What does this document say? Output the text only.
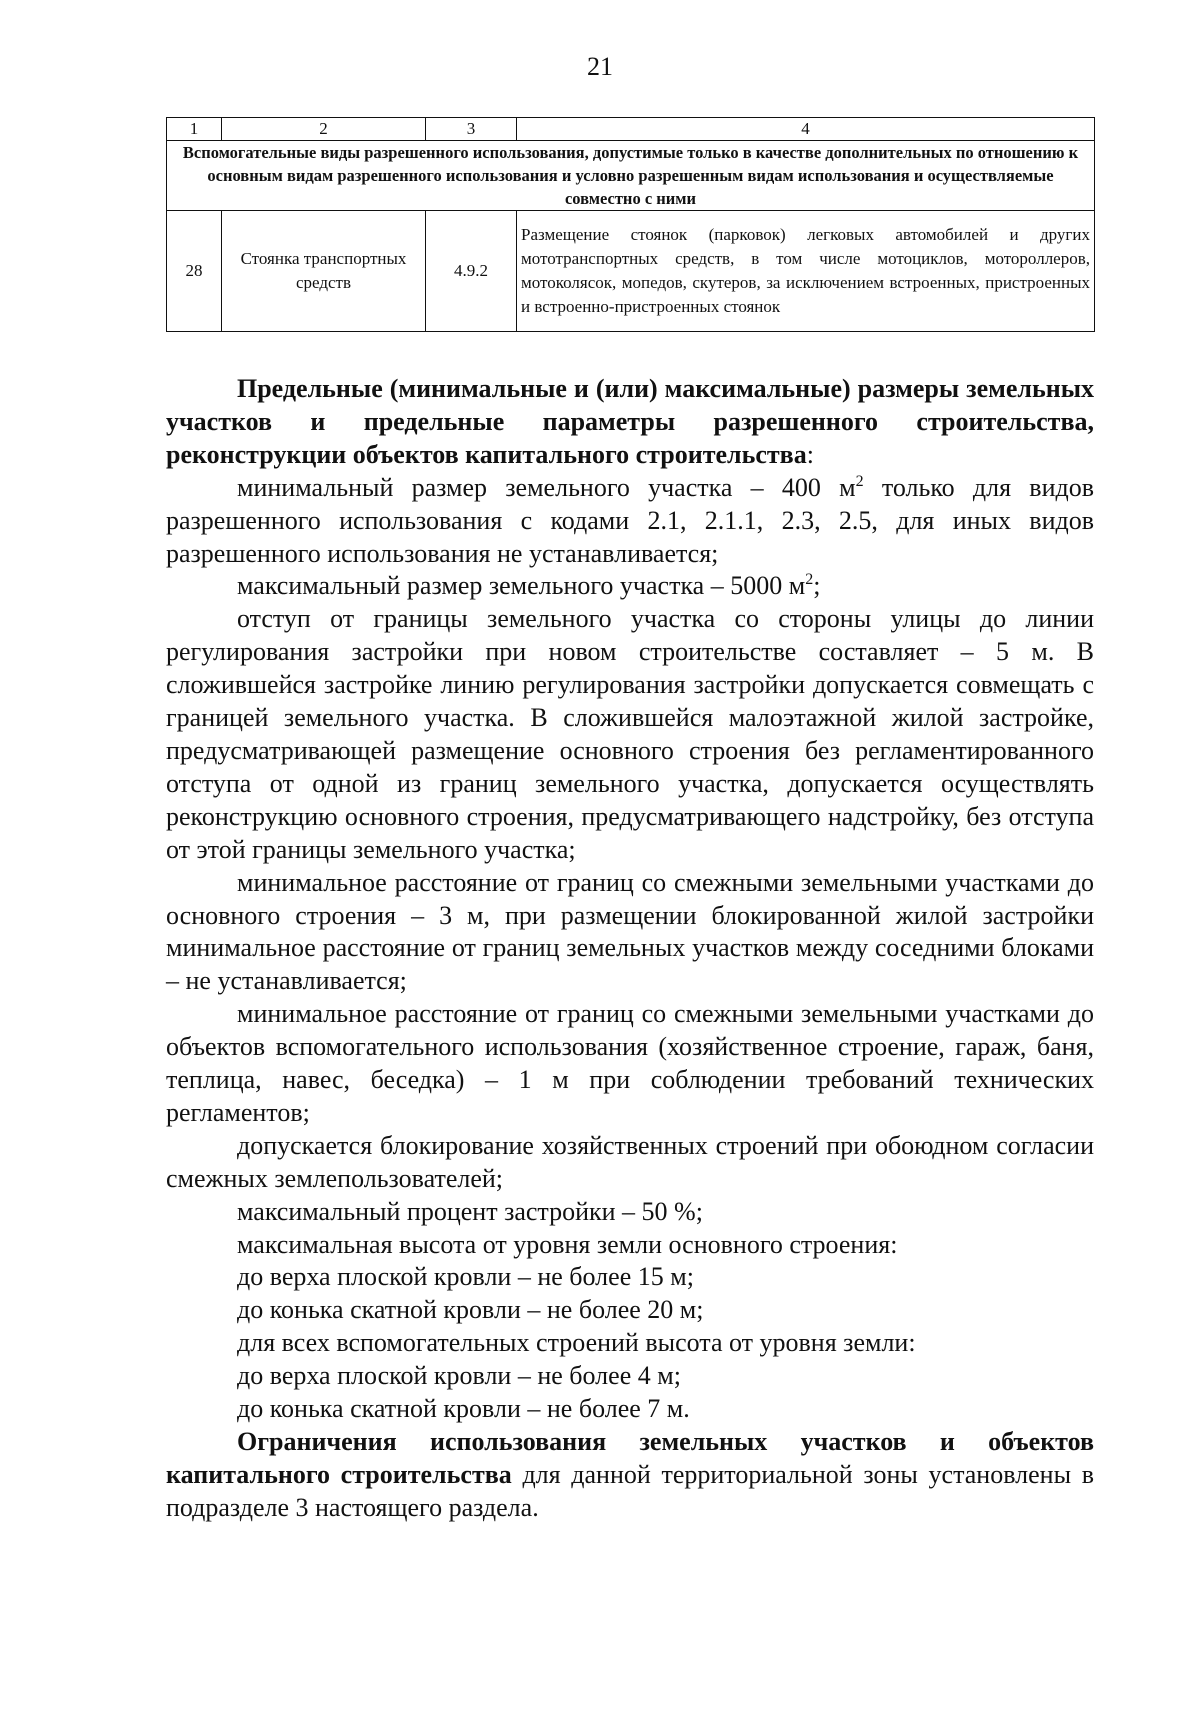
21
1	2	3	4
Вспомогательные виды разрешенного использования, допустимые только в качестве дополнительных по отношению к основным видам разрешенного использования и условно разрешенным видам использования и осуществляемые совместно с ними			
28	Стоянка транспортных средств	4.9.2	Размещение стоянок (парковок) легковых автомобилей и других мототранспортных средств, в том числе мотоциклов, мотороллеров, мотоколясок, мопедов, скутеров, за исключением встроенных, пристроенных и встроенно-пристроенных стоянок

Предельные (минимальные и (или) максимальные) размеры земельных участков и предельные параметры разрешенного строительства, реконструкции объектов капитального строительства:

минимальный размер земельного участка – 400 $м^2$ только для видов разрешенного использования с кодами 2.1, 2.1.1, 2.3, 2.5, для иных видов разрешенного использования не устанавливается;

максимальный размер земельного участка – 5000 $м^2$;

отступ от границы земельного участка со стороны улицы до линии регулирования застройки при новом строительстве составляет – 5 м. В сложившейся застройке линию регулирования застройки допускается совмещать с границей земельного участка. В сложившейся малоэтажной жилой застройке, предусматривающей размещение основного строения без регламентированного отступа от одной из границ земельного участка, допускается осуществлять реконструкцию основного строения, предусматривающего надстройку, без отступа от этой границы земельного участка;

минимальное расстояние от границ со смежными земельными участками до основного строения – 3 м, при размещении блокированной жилой застройки минимальное расстояние от границ земельных участков между соседними блоками – не устанавливается;

минимальное расстояние от границ со смежными земельными участками до объектов вспомогательного использования (хозяйственное строение, гараж, баня, теплица, навес, беседка) – 1 м при соблюдении требований технических регламентов;

допускается блокирование хозяйственных строений при обоюдном согласии смежных землепользователей;

максимальный процент застройки – 50 %;

максимальная высота от уровня земли основного строения:

до верха плоской кровли – не более 15 м;

до конька скатной кровли – не более 20 м;

для всех вспомогательных строений высота от уровня земли:

до верха плоской кровли – не более 4 м;

до конька скатной кровли – не более 7 м.

Ограничения использования земельных участков и объектов капитального строительства для данной территориальной зоны установлены в подразделе 3 настоящего раздела.
